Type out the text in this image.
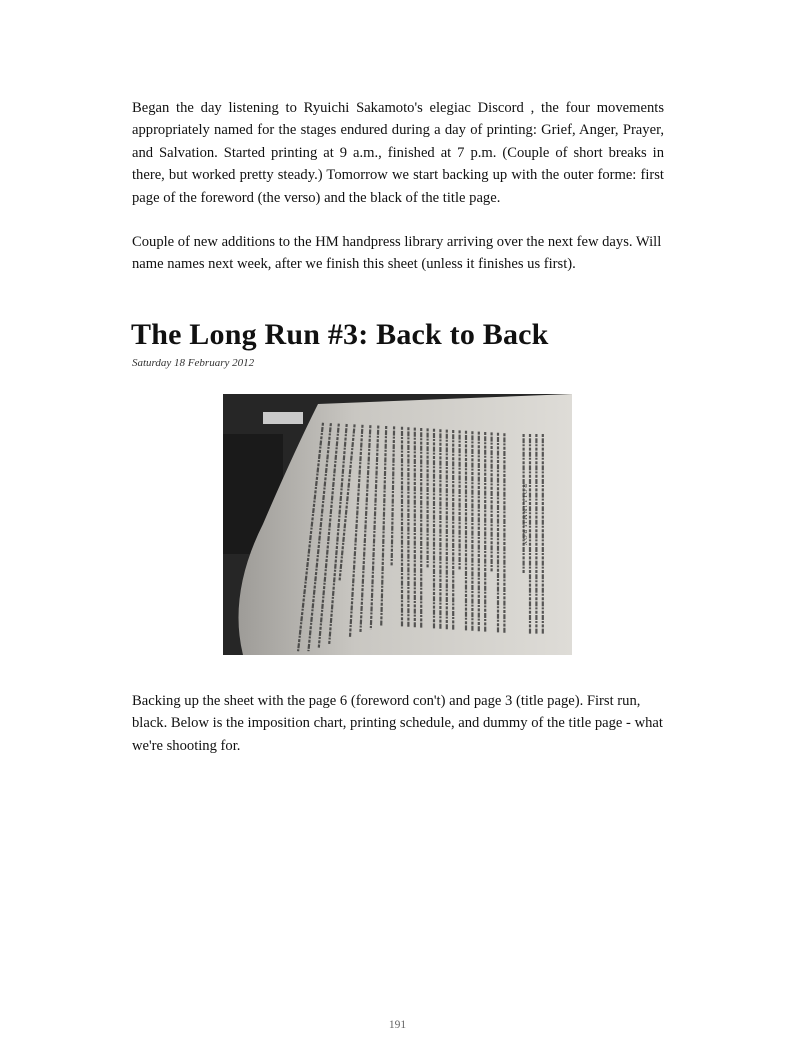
Began the day listening to Ryuichi Sakamoto's elegiac Discord , the four movements appropriately named for the stages endured during a day of printing: Grief, Anger, Prayer, and Salvation. Started printing at 9 a.m., finished at 7 p.m. (Couple of short breaks in there, but worked pretty steady.) Tomorrow we start backing up with the outer forme: first page of the foreword (the verso) and the black of the title page.
Couple of new additions to the HM handpress library arriving over the next few days. Will name names next week, after we finish this sheet (unless it finishes us first).
The Long Run #3: Back to Back
Saturday 18 February 2012
R O L L I N M I L R O Y
Backing up the sheet with the page 6 (foreword con't) and page 3 (title page). First run, black. Below is the imposition chart, printing schedule, and dummy of the title page - what we're shooting for.
191
